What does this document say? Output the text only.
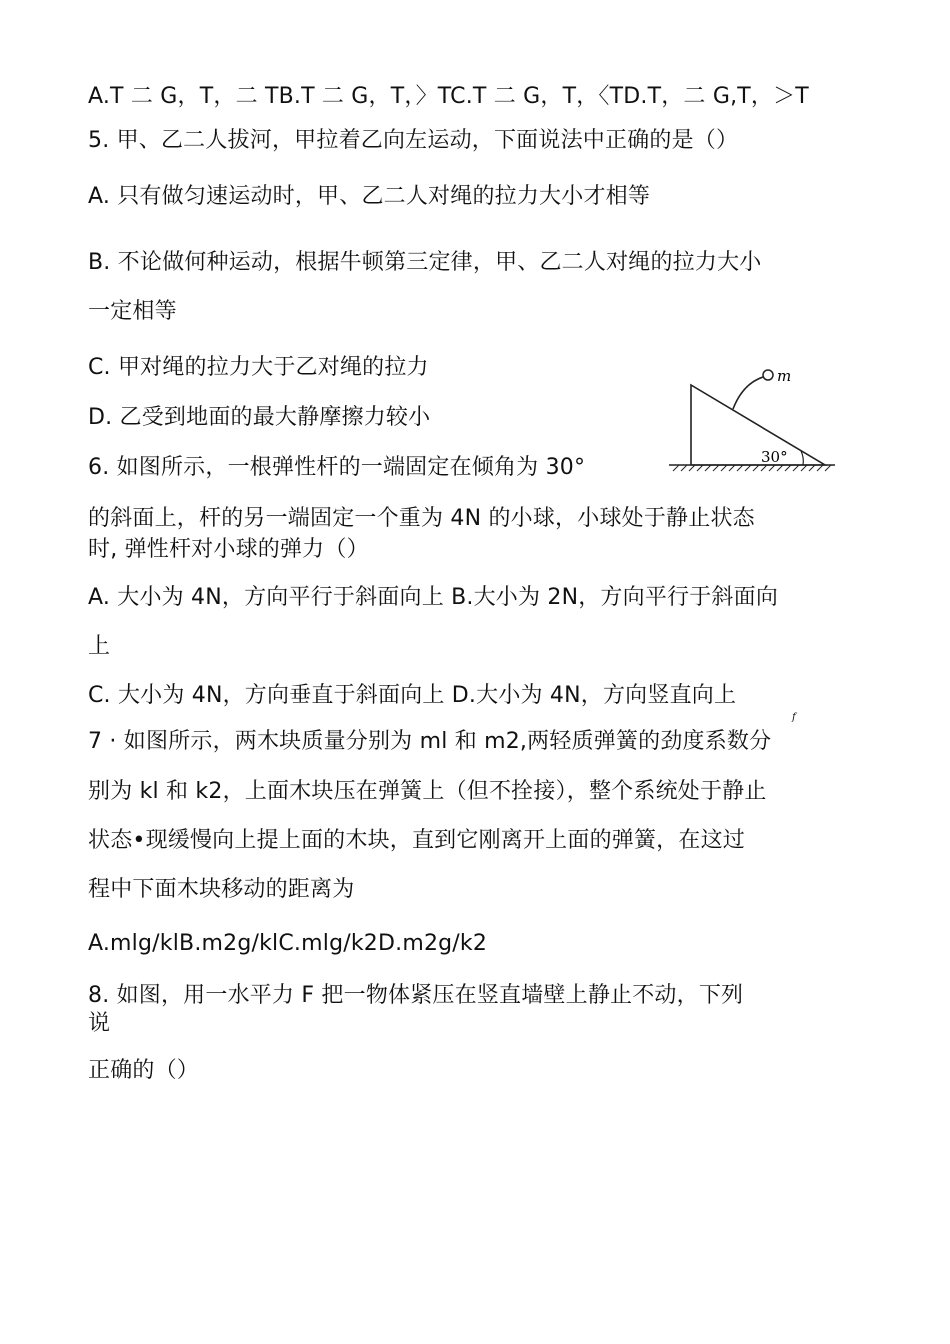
A.T 二 G，T，二 TB.T 二 G，T，〉TC.T 二 G，T，〈TD.T，二 G,T，＞T
5. 甲、乙二人拔河，甲拉着乙向左运动，下面说法中正确的是（）
A. 只有做匀速运动时，甲、乙二人对绳的拉力大小才相等
B. 不论做何种运动，根据牛顿第三定律，甲、乙二人对绳的拉力大小
一定相等
C. 甲对绳的拉力大于乙对绳的拉力
D. 乙受到地面的最大静摩擦力较小
6. 如图所示，一根弹性杆的一端固定在倾角为 30°
的斜面上，杆的另一端固定一个重为 4N 的小球，小球处于静止状态
时, 弹性杆对小球的弹力（）
A. 大小为 4N，方向平行于斜面向上 B.大小为 2N，方向平行于斜面向
上
C. 大小为 4N，方向垂直于斜面向上 D.大小为 4N，方向竖直向上
7 · 如图所示，两木块质量分别为 ml 和 m2,两轻质弹簧的劲度系数分
别为 kl 和 k2，上面木块压在弹簧上（但不拴接），整个系统处于静止
状态•现缓慢向上提上面的木块，直到它刚离开上面的弹簧，在这过
程中下面木块移动的距离为
A.mlg/klB.m2g/klC.mlg/k2D.m2g/k2
8. 如图，用一水平力 F 把一物体紧压在竖直墙壁上静止不动，下列
说
正确的（）
m
30°
f
